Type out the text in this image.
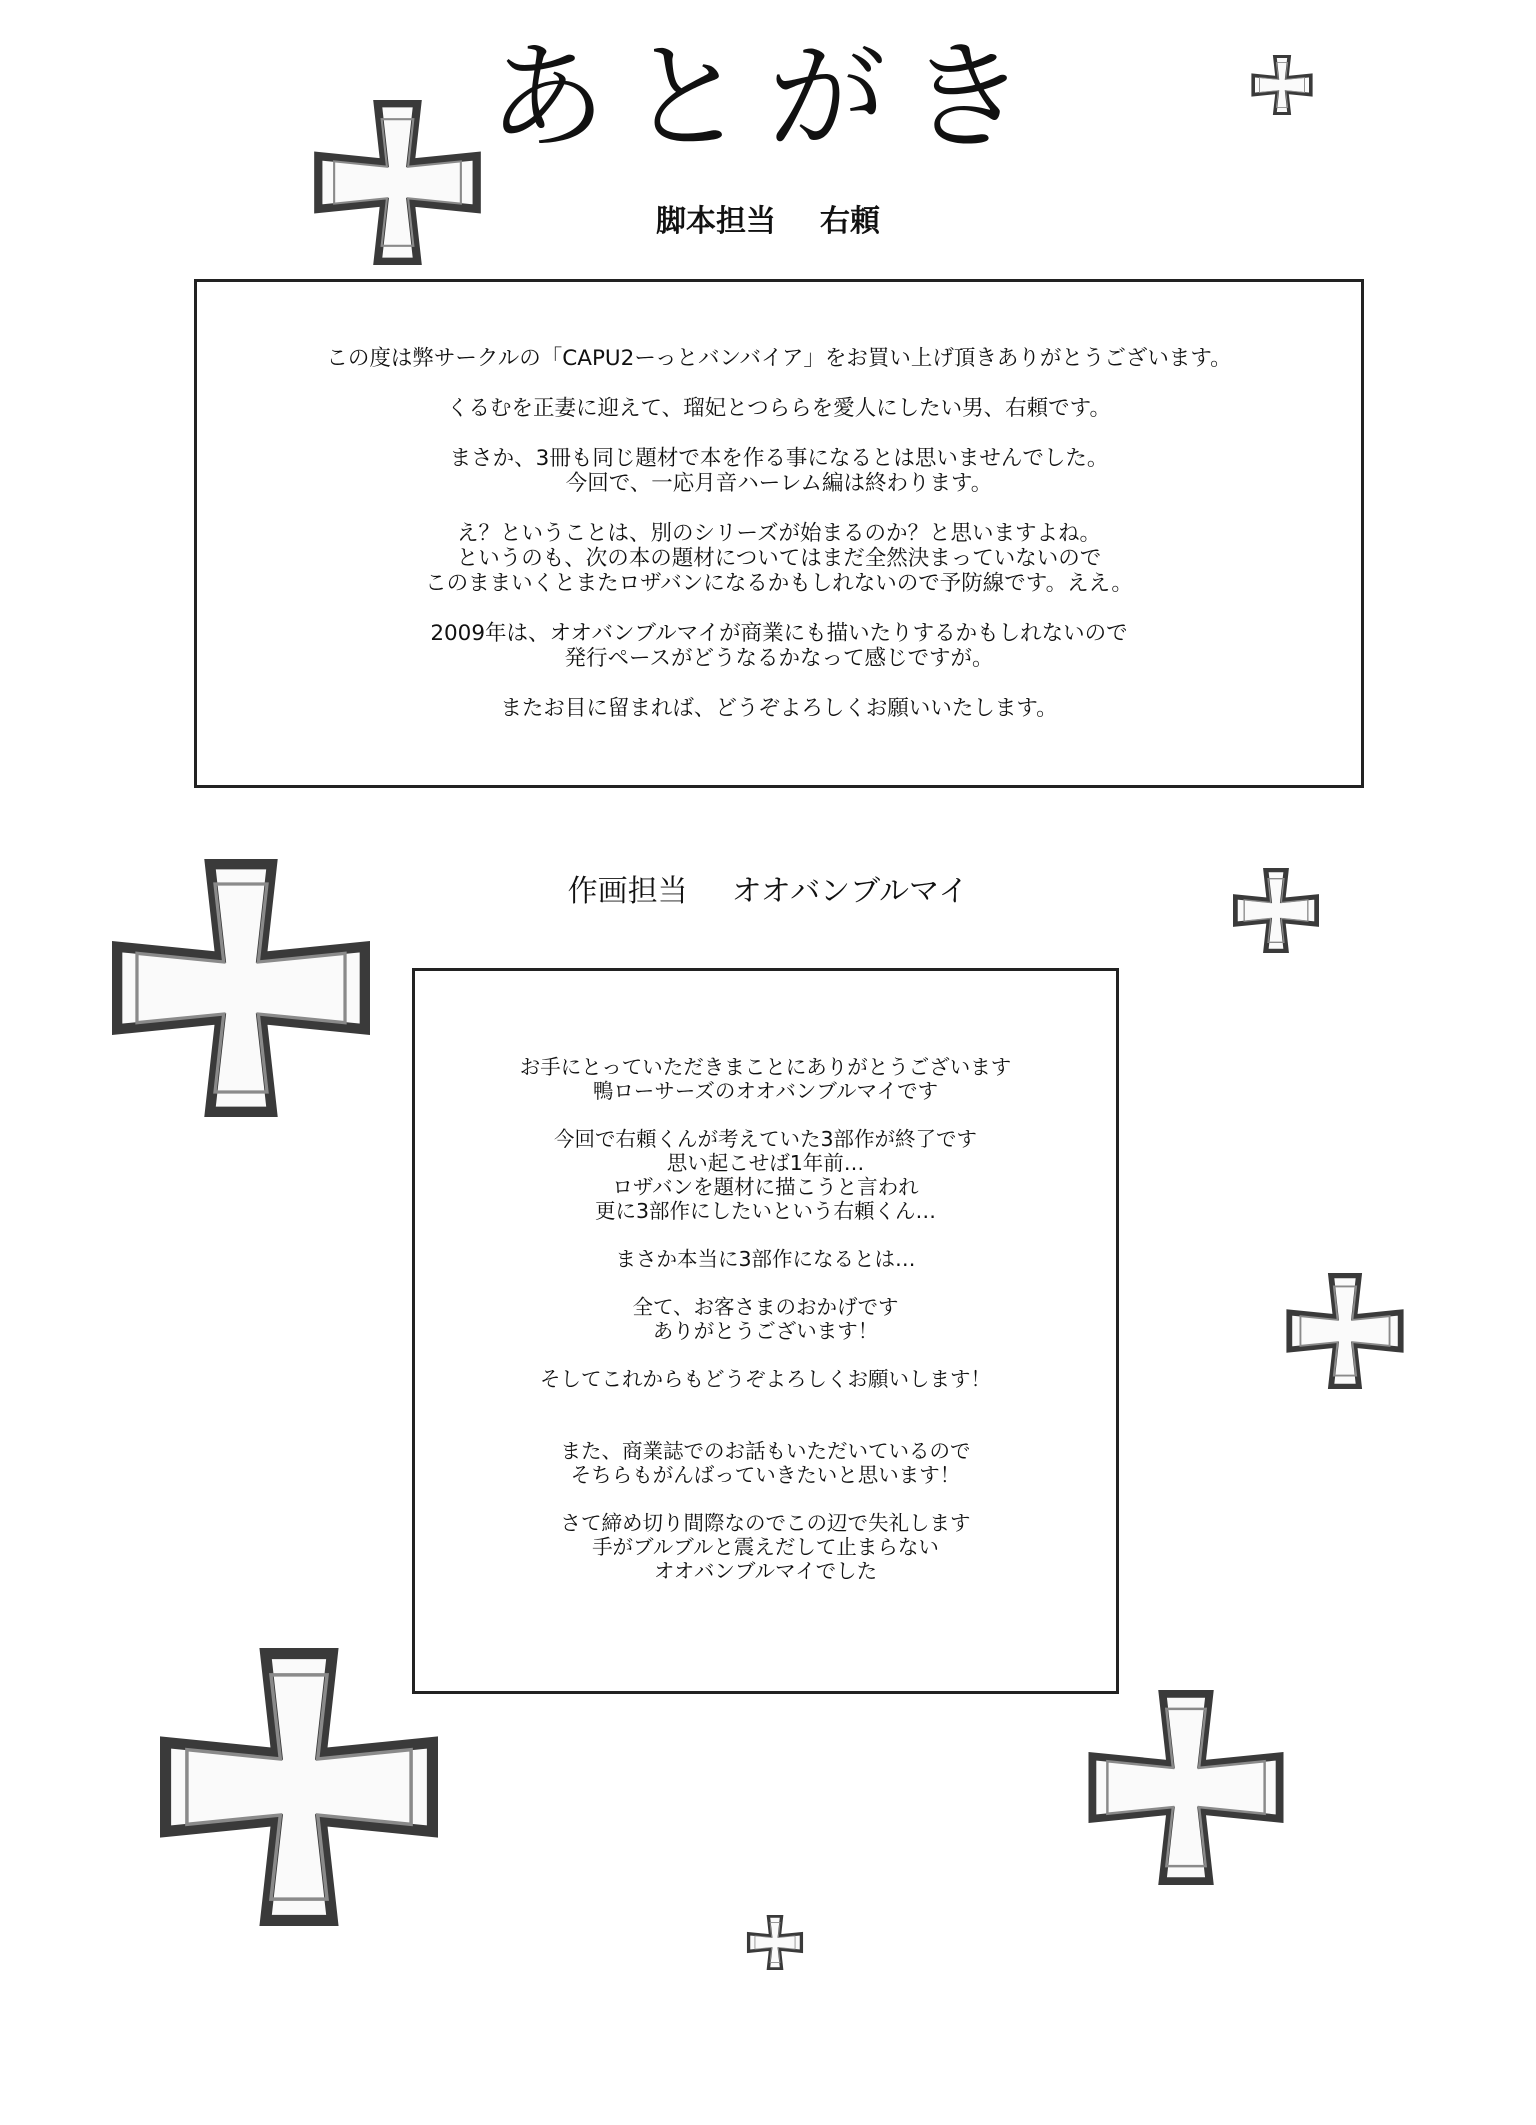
あとがき
脚本担当 右頼

この度は弊サークルの「CAPU2ーっとバンバイア」をお買い上げ頂きありがとうございます。

くるむを正妻に迎えて、瑠妃とつららを愛人にしたい男、右頼です。

まさか、3冊も同じ題材で本を作る事になるとは思いませんでした。
今回で、一応月音ハーレム編は終わります。

え？ということは、別のシリーズが始まるのか？と思いますよね。
というのも、次の本の題材についてはまだ全然決まっていないので
このままいくとまたロザバンになるかもしれないので予防線です。ええ。

2009年は、オオバンブルマイが商業にも描いたりするかもしれないので
発行ペースがどうなるかなって感じですが。

またお目に留まれば、どうぞよろしくお願いいたします。

作画担当 オオバンブルマイ

お手にとっていただきまことにありがとうございます
鴨ローサーズのオオバンブルマイです

今回で右頼くんが考えていた3部作が終了です
思い起こせば1年前…
ロザバンを題材に描こうと言われ
更に3部作にしたいという右頼くん…

まさか本当に3部作になるとは…

全て、お客さまのおかげです
ありがとうございます！

そしてこれからもどうぞよろしくお願いします！

また、商業誌でのお話もいただいているので
そちらもがんばっていきたいと思います！

さて締め切り間際なのでこの辺で失礼します
手がブルブルと震えだして止まらない
オオバンブルマイでした
